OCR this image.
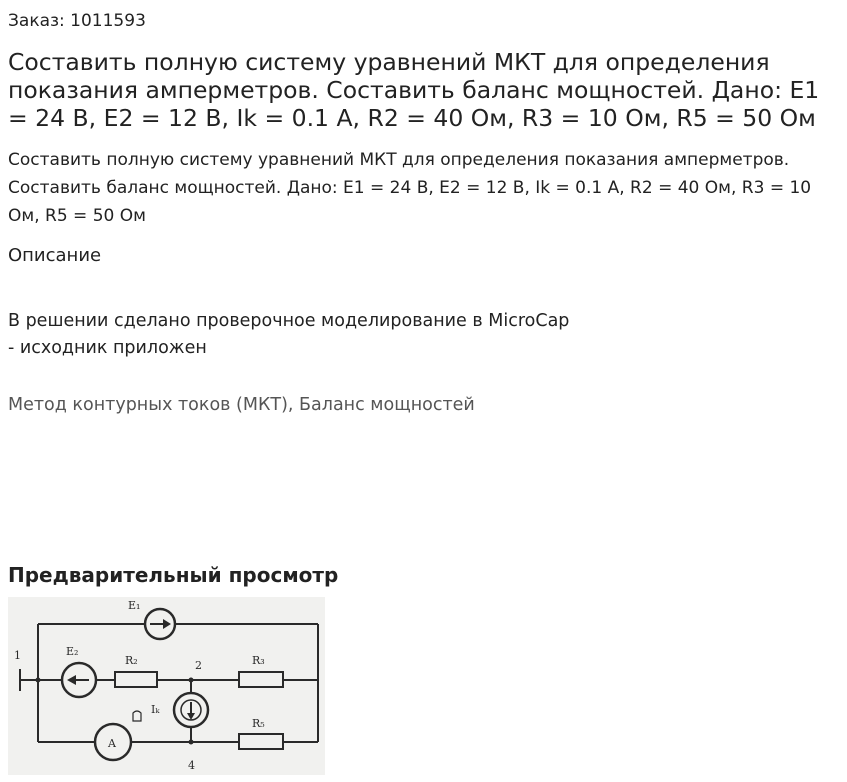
Заказ: 1011593
Составить полную систему уравнений МКТ для определения показания амперметров. Составить баланс мощностей. Дано: E1 = 24 В, E2 = 12 В, Ik = 0.1 А, R2 = 40 Ом, R3 = 10 Ом, R5 = 50 Ом
Составить полную систему уравнений МКТ для определения показания амперметров. Составить баланс мощностей. Дано: E1 = 24 В, E2 = 12 В, Ik = 0.1 А, R2 = 40 Ом, R3 = 10 Ом, R5 = 50 Ом
Описание
В решении сделано проверочное моделирование в MicroCap
- исходник приложен
Метод контурных токов (МКТ), Баланс мощностей
Предварительный просмотр
E₁
E₂
R₂	R₃
R₅
Iₖ
A
1
2
4
